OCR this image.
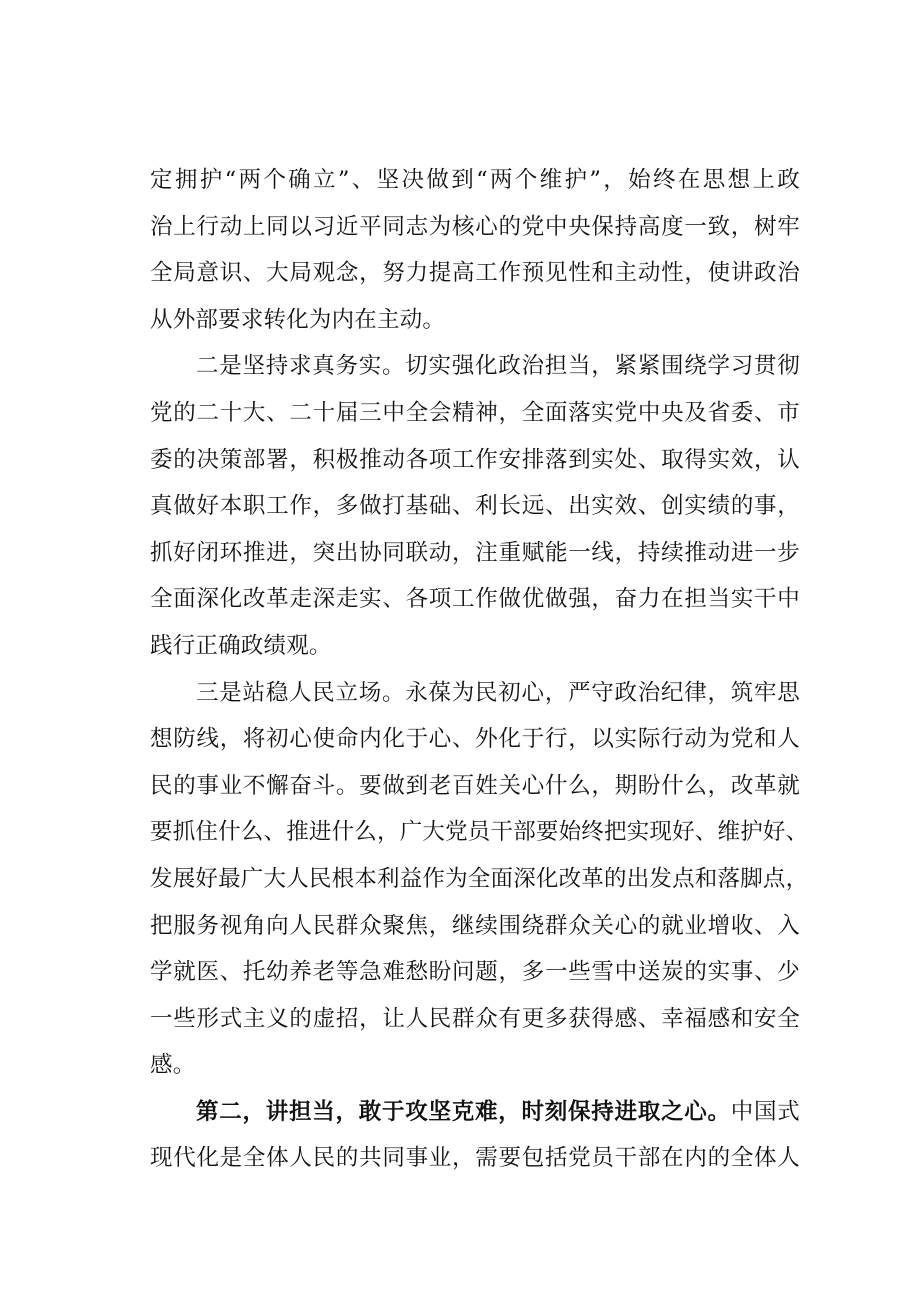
定拥护“两个确立”、坚决做到“两个维护”，始终在思想上政
治上行动上同以习近平同志为核心的党中央保持高度一致，树牢
全局意识、大局观念，努力提高工作预见性和主动性，使讲政治
从外部要求转化为内在主动。
二是坚持求真务实。切实强化政治担当，紧紧围绕学习贯彻
党的二十大、二十届三中全会精神，全面落实党中央及省委、市
委的决策部署，积极推动各项工作安排落到实处、取得实效，认
真做好本职工作，多做打基础、利长远、出实效、创实绩的事，
抓好闭环推进，突出协同联动，注重赋能一线，持续推动进一步
全面深化改革走深走实、各项工作做优做强，奋力在担当实干中
践行正确政绩观。
三是站稳人民立场。永葆为民初心，严守政治纪律，筑牢思
想防线，将初心使命内化于心、外化于行，以实际行动为党和人
民的事业不懈奋斗。要做到老百姓关心什么，期盼什么，改革就
要抓住什么、推进什么，广大党员干部要始终把实现好、维护好、
发展好最广大人民根本利益作为全面深化改革的出发点和落脚点，
把服务视角向人民群众聚焦，继续围绕群众关心的就业增收、入
学就医、托幼养老等急难愁盼问题，多一些雪中送炭的实事、少
一些形式主义的虚招，让人民群众有更多获得感、幸福感和安全
感。
第二，讲担当，敢于攻坚克难，时刻保持进取之心。中国式
现代化是全体人民的共同事业，需要包括党员干部在内的全体人
